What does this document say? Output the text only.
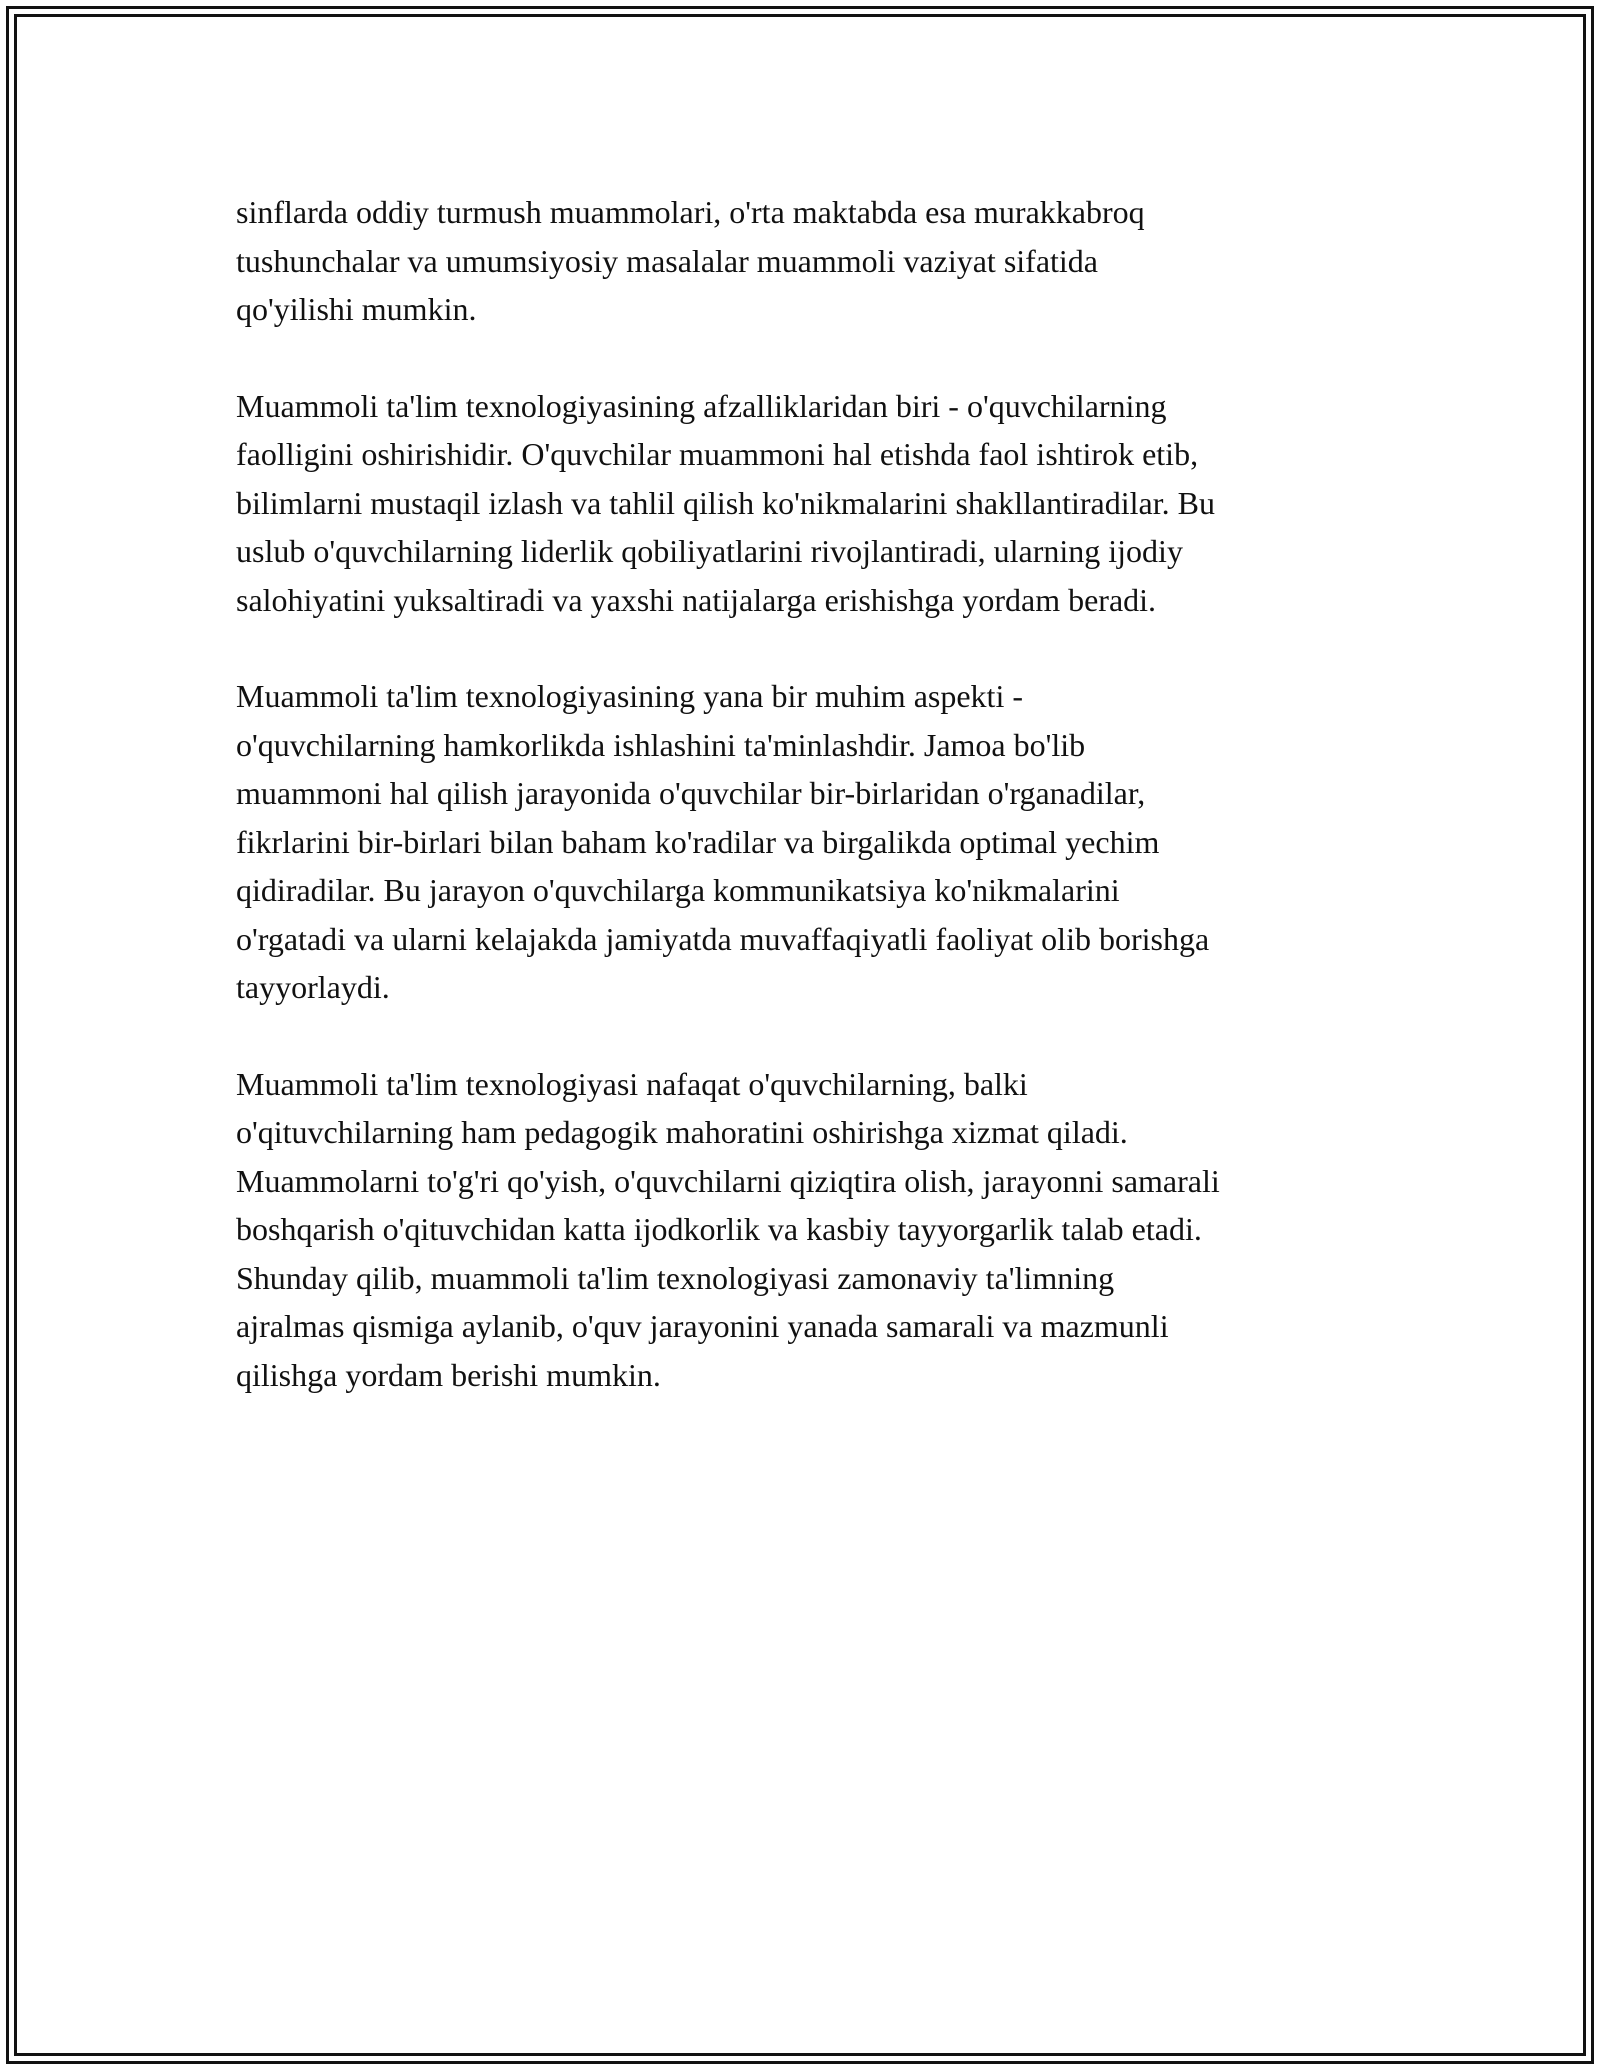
sinflarda oddiy turmush muammolari, o'rta maktabda esa murakkabroq
tushunchalar va umumsiyosiy masalalar muammoli vaziyat sifatida
qo'yilishi mumkin.

Muammoli ta'lim texnologiyasining afzalliklaridan biri - o'quvchilarning
faolligini oshirishidir. O'quvchilar muammoni hal etishda faol ishtirok etib,
bilimlarni mustaqil izlash va tahlil qilish ko'nikmalarini shakllantiradilar. Bu
uslub o'quvchilarning liderlik qobiliyatlarini rivojlantiradi, ularning ijodiy
salohiyatini yuksaltiradi va yaxshi natijalarga erishishga yordam beradi.

Muammoli ta'lim texnologiyasining yana bir muhim aspekti -
o'quvchilarning hamkorlikda ishlashini ta'minlashdir. Jamoa bo'lib
muammoni hal qilish jarayonida o'quvchilar bir-birlaridan o'rganadilar,
fikrlarini bir-birlari bilan baham ko'radilar va birgalikda optimal yechim
qidiradilar. Bu jarayon o'quvchilarga kommunikatsiya ko'nikmalarini
o'rgatadi va ularni kelajakda jamiyatda muvaffaqiyatli faoliyat olib borishga
tayyorlaydi.

Muammoli ta'lim texnologiyasi nafaqat o'quvchilarning, balki
o'qituvchilarning ham pedagogik mahoratini oshirishga xizmat qiladi.
Muammolarni to'g'ri qo'yish, o'quvchilarni qiziqtira olish, jarayonni samarali
boshqarish o'qituvchidan katta ijodkorlik va kasbiy tayyorgarlik talab etadi.
Shunday qilib, muammoli ta'lim texnologiyasi zamonaviy ta'limning
ajralmas qismiga aylanib, o'quv jarayonini yanada samarali va mazmunli
qilishga yordam berishi mumkin.
